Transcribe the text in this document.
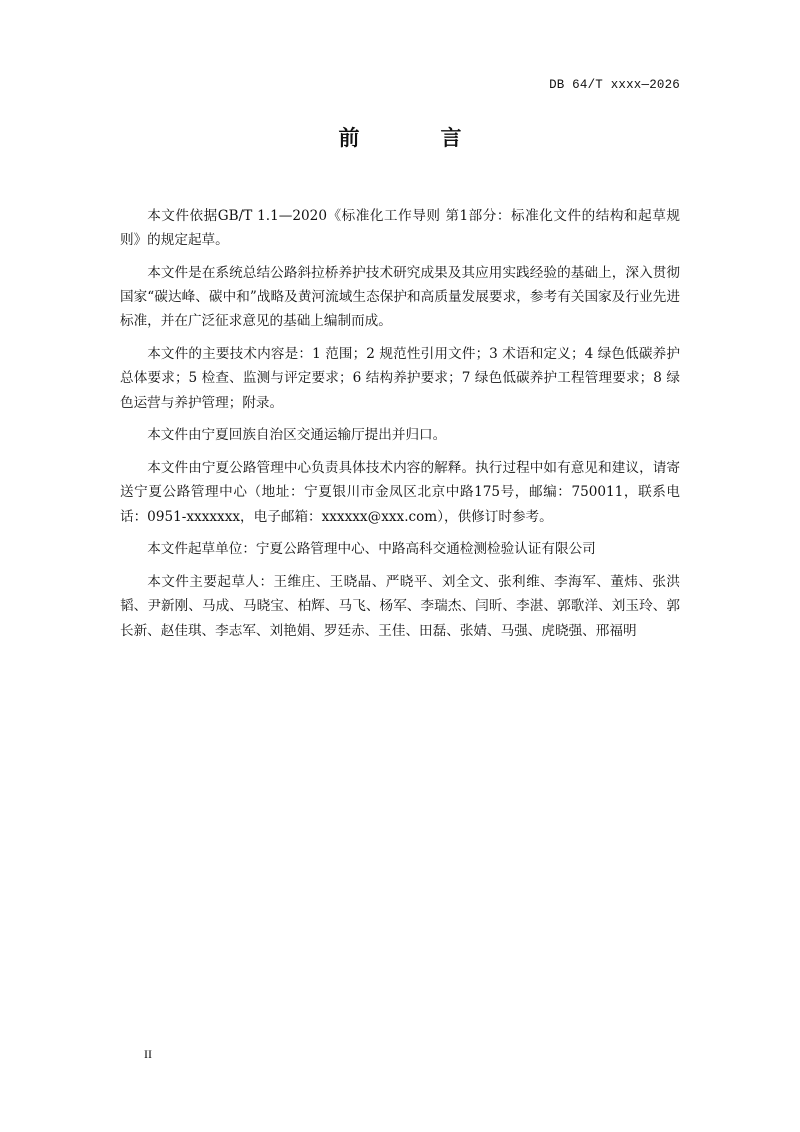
DB 64/T xxxx—2026
前　言

本文件依据GB/T 1.1—2020《标准化工作导则 第1部分：标准化文件的结构和起草规则》的规定起草。

本文件是在系统总结公路斜拉桥养护技术研究成果及其应用实践经验的基础上，深入贯彻国家“碳达峰、碳中和”战略及黄河流域生态保护和高质量发展要求，参考有关国家及行业先进标准，并在广泛征求意见的基础上编制而成。

本文件的主要技术内容是：1 范围；2 规范性引用文件；3 术语和定义；4 绿色低碳养护总体要求；5 检查、监测与评定要求；6 结构养护要求；7 绿色低碳养护工程管理要求；8 绿色运营与养护管理；附录。

本文件由宁夏回族自治区交通运输厅提出并归口。

本文件由宁夏公路管理中心负责具体技术内容的解释。执行过程中如有意见和建议，请寄送宁夏公路管理中心（地址：宁夏银川市金凤区北京中路175号，邮编：750011，联系电话：0951-xxxxxxx，电子邮箱：xxxxxx@xxx.com），供修订时参考。

本文件起草单位：宁夏公路管理中心、中路高科交通检测检验认证有限公司

本文件主要起草人：王维庄、王晓晶、严晓平、刘全文、张利维、李海军、董炜、张洪韬、尹新刚、马成、马晓宝、柏辉、马飞、杨军、李瑞杰、闫昕、李湛、郭歌洋、刘玉玲、郭长新、赵佳琪、李志军、刘艳娟、罗廷赤、王佳、田磊、张婧、马强、虎晓强、邢福明

II
